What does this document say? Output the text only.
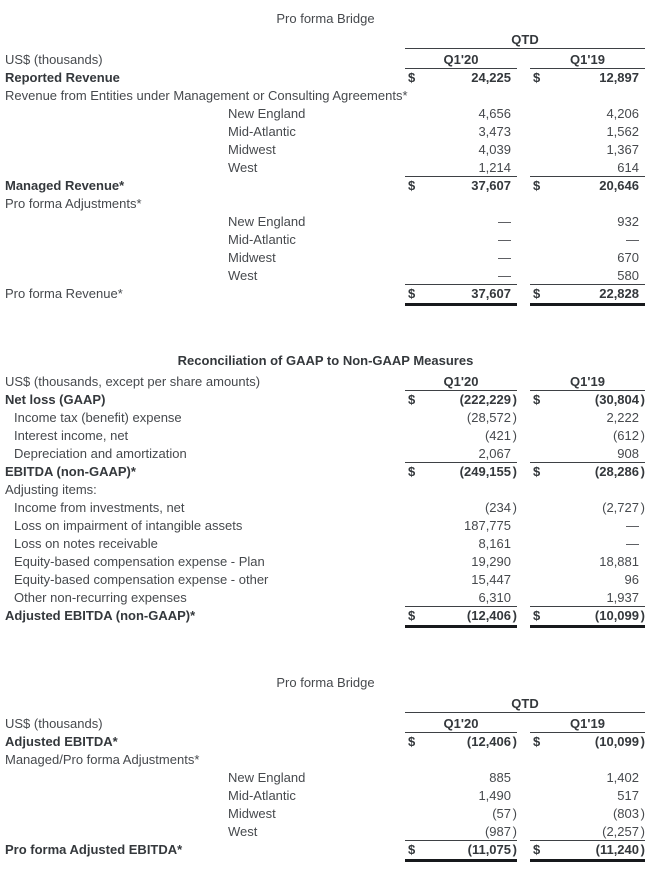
Pro forma Bridge
QTD
US$ (thousands)	Q1'20	Q1'19
Reported Revenue	$	24,225	$	12,897
Revenue from Entities under Management or Consulting Agreements*
New England	4,656	4,206
Mid-Atlantic	3,473	1,562
Midwest	4,039	1,367
West	1,214	614
Managed Revenue*	$	37,607	$	20,646
Pro forma Adjustments*
New England	—	932
Mid-Atlantic	—	—
Midwest	—	670
West	—	580
Pro forma Revenue*	$	37,607	$	22,828
Reconciliation of GAAP to Non-GAAP Measures
US$ (thousands, except per share amounts)	Q1'20	Q1'19
Net loss (GAAP)	$	(222,229 ) $	(30,804 )
Income tax (benefit) expense	(28,572 )	2,222
Interest income, net	(421 )	(612 )
Depreciation and amortization	2,067	908
EBITDA (non-GAAP)*	$	(249,155 ) $	(28,286 )
Adjusting items:
Income from investments, net	(234 )	(2,727 )
Loss on impairment of intangible assets	187,775	—
Loss on notes receivable	8,161	—
Equity-based compensation expense - Plan	19,290	18,881
Equity-based compensation expense - other	15,447	96
Other non-recurring expenses	6,310	1,937
Adjusted EBITDA (non-GAAP)*	$	(12,406 ) $	(10,099 )
Pro forma Bridge
QTD
US$ (thousands)	Q1'20	Q1'19
Adjusted EBITDA*	$	(12,406 ) $	(10,099 )
Managed/Pro forma Adjustments*
New England	885	1,402
Mid-Atlantic	1,490	517
Midwest	(57 )	(803 )
West	(987 )	(2,257 )
Pro forma Adjusted EBITDA*	$	(11,075 ) $	(11,240 )
